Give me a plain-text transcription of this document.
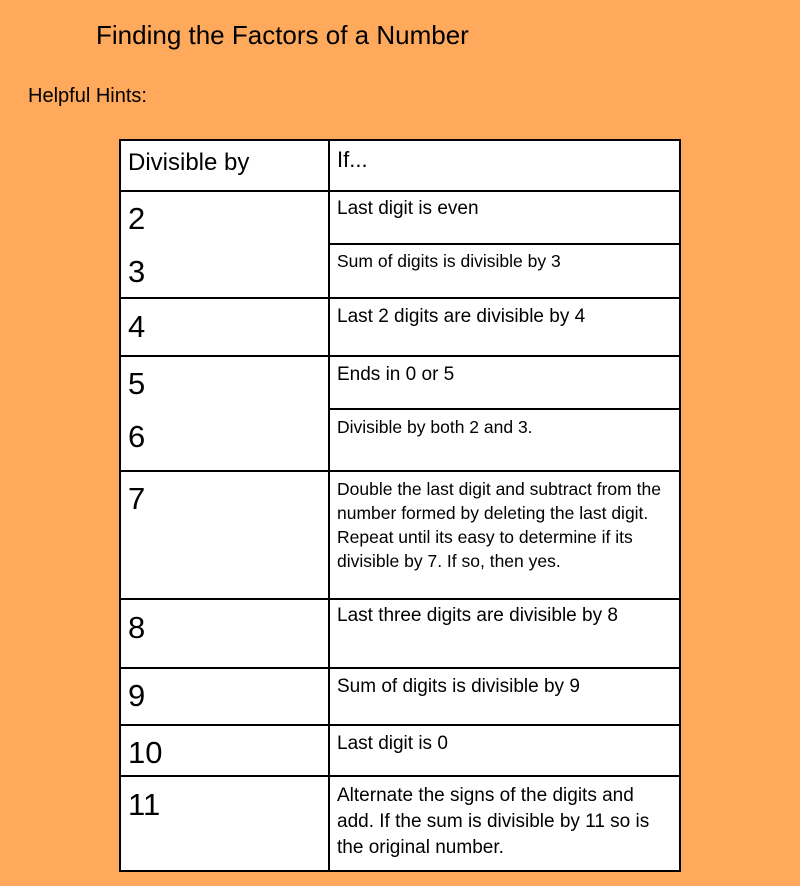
Finding the Factors of a Number
Helpful Hints:
Divisible by	If...
2	Last digit is even
3	Sum of digits is divisible by 3
4	Last 2 digits are divisible by 4
5	Ends in 0 or 5
6	Divisible by both 2 and 3.
7	Double the last digit and subtract from the number formed by deleting the last digit. Repeat until its easy to determine if its divisible by 7. If so, then yes.
8	Last three digits are divisible by 8
9	Sum of digits is divisible by 9
10	Last digit is 0
11	Alternate the signs of the digits and add. If the sum is divisible by 11 so is the original number.
